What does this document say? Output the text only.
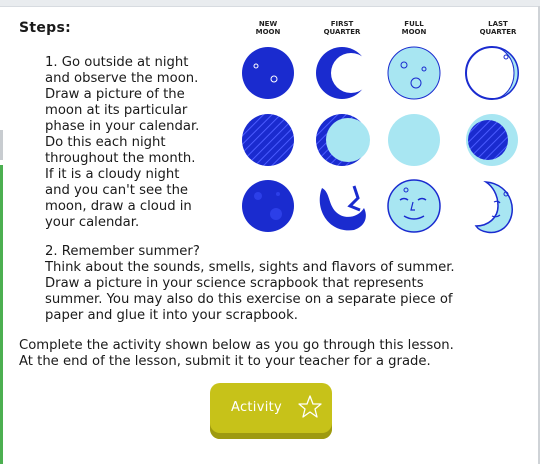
Steps:
1. Go outside at night
and observe the moon.
Draw a picture of the
moon at its particular
phase in your calendar.
Do this each night
throughout the month.
If it is a cloudy night
and you can't see the
moon, draw a cloud in
your calendar.
NEW
MOON
FIRST
QUARTER
FULL
MOON
LAST
QUARTER
2. Remember summer?
Think about the sounds, smells, sights and flavors of summer.
Draw a picture in your science scrapbook that represents
summer. You may also do this exercise on a separate piece of
paper and glue it into your scrapbook.
Complete the activity shown below as you go through this lesson.
At the end of the lesson, submit it to your teacher for a grade.
Activity
